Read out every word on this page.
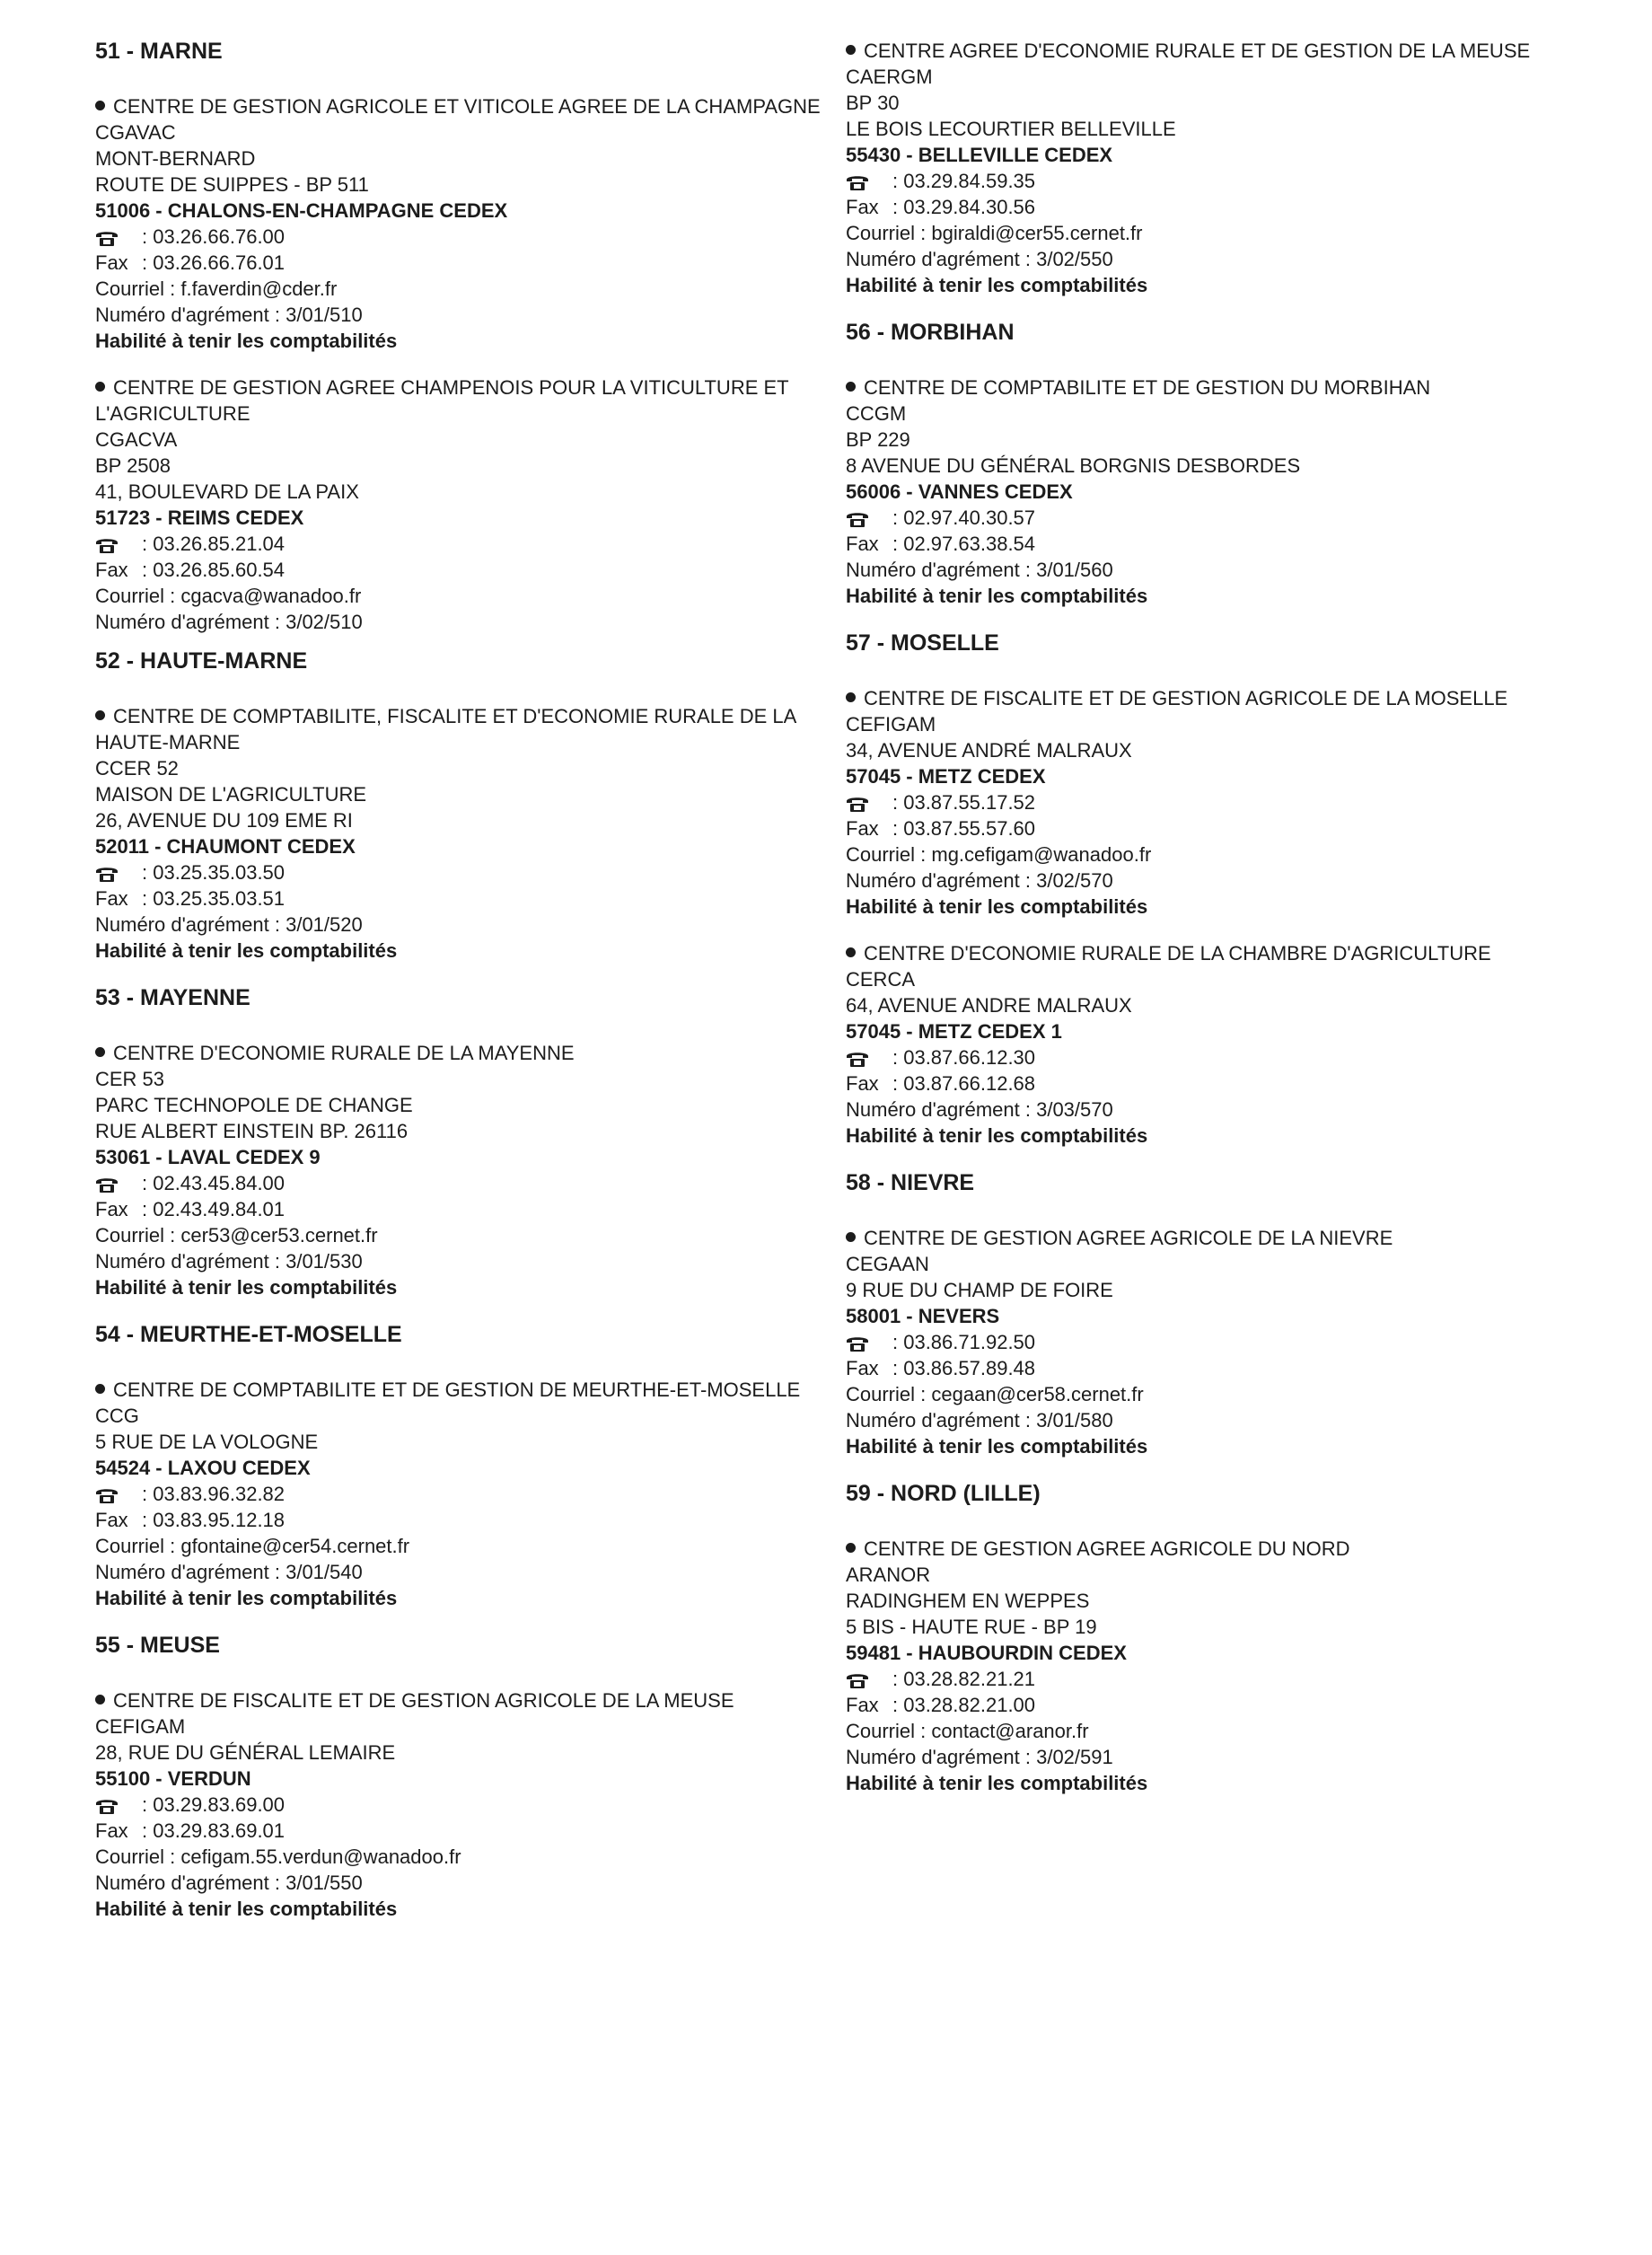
51 - MARNE
CENTRE DE GESTION AGRICOLE ET VITICOLE AGREE DE LA CHAMPAGNE
CGAVAC
MONT-BERNARD
ROUTE DE SUIPPES - BP 511
51006 - CHALONS-EN-CHAMPAGNE CEDEX
: 03.26.66.76.00
Fax : 03.26.66.76.01
Courriel : f.faverdin@cder.fr
Numéro d'agrément : 3/01/510
Habilité à tenir les comptabilités
CENTRE DE GESTION AGREE CHAMPENOIS POUR LA VITICULTURE ET L'AGRICULTURE
CGACVA
BP 2508
41, BOULEVARD DE LA PAIX
51723 - REIMS CEDEX
: 03.26.85.21.04
Fax : 03.26.85.60.54
Courriel : cgacva@wanadoo.fr
Numéro d'agrément : 3/02/510
52 - HAUTE-MARNE
CENTRE DE COMPTABILITE, FISCALITE ET D'ECONOMIE RURALE DE LA HAUTE-MARNE
CCER 52
MAISON DE L'AGRICULTURE
26, AVENUE DU 109 EME RI
52011 - CHAUMONT CEDEX
: 03.25.35.03.50
Fax : 03.25.35.03.51
Numéro d'agrément : 3/01/520
Habilité à tenir les comptabilités
53 - MAYENNE
CENTRE D'ECONOMIE RURALE DE LA MAYENNE
CER 53
PARC TECHNOPOLE DE CHANGE
RUE ALBERT EINSTEIN BP. 26116
53061 - LAVAL CEDEX 9
: 02.43.45.84.00
Fax : 02.43.49.84.01
Courriel : cer53@cer53.cernet.fr
Numéro d'agrément : 3/01/530
Habilité à tenir les comptabilités
54 - MEURTHE-ET-MOSELLE
CENTRE DE COMPTABILITE ET DE GESTION DE MEURTHE-ET-MOSELLE
CCG
5 RUE DE LA VOLOGNE
54524 - LAXOU CEDEX
: 03.83.96.32.82
Fax : 03.83.95.12.18
Courriel : gfontaine@cer54.cernet.fr
Numéro d'agrément : 3/01/540
Habilité à tenir les comptabilités
55 - MEUSE
CENTRE DE FISCALITE ET DE GESTION AGRICOLE DE LA MEUSE
CEFIGAM
28, RUE DU GÉNÉRAL LEMAIRE
55100 - VERDUN
: 03.29.83.69.00
Fax : 03.29.83.69.01
Courriel : cefigam.55.verdun@wanadoo.fr
Numéro d'agrément : 3/01/550
Habilité à tenir les comptabilités
CENTRE AGREE D'ECONOMIE RURALE ET DE GESTION DE LA MEUSE
CAERGM
BP 30
LE BOIS LECOURTIER BELLEVILLE
55430 - BELLEVILLE CEDEX
: 03.29.84.59.35
Fax : 03.29.84.30.56
Courriel : bgiraldi@cer55.cernet.fr
Numéro d'agrément : 3/02/550
Habilité à tenir les comptabilités
56 - MORBIHAN
CENTRE DE COMPTABILITE ET DE GESTION DU MORBIHAN
CCGM
BP 229
8 AVENUE DU GÉNÉRAL BORGNIS DESBORDES
56006 - VANNES CEDEX
: 02.97.40.30.57
Fax : 02.97.63.38.54
Numéro d'agrément : 3/01/560
Habilité à tenir les comptabilités
57 - MOSELLE
CENTRE DE FISCALITE ET DE GESTION AGRICOLE DE LA MOSELLE
CEFIGAM
34, AVENUE ANDRÉ MALRAUX
57045 - METZ CEDEX
: 03.87.55.17.52
Fax : 03.87.55.57.60
Courriel : mg.cefigam@wanadoo.fr
Numéro d'agrément : 3/02/570
Habilité à tenir les comptabilités
CENTRE D'ECONOMIE RURALE DE LA CHAMBRE D'AGRICULTURE
CERCA
64, AVENUE ANDRE MALRAUX
57045 - METZ CEDEX 1
: 03.87.66.12.30
Fax : 03.87.66.12.68
Numéro d'agrément : 3/03/570
Habilité à tenir les comptabilités
58 - NIEVRE
CENTRE DE GESTION AGREE AGRICOLE DE LA NIEVRE
CEGAAN
9 RUE DU CHAMP DE FOIRE
58001 - NEVERS
: 03.86.71.92.50
Fax : 03.86.57.89.48
Courriel : cegaan@cer58.cernet.fr
Numéro d'agrément : 3/01/580
Habilité à tenir les comptabilités
59 - NORD (LILLE)
CENTRE DE GESTION AGREE AGRICOLE DU NORD
ARANOR
RADINGHEM EN WEPPES
5 BIS - HAUTE RUE - BP 19
59481 - HAUBOURDIN CEDEX
: 03.28.82.21.21
Fax : 03.28.82.21.00
Courriel : contact@aranor.fr
Numéro d'agrément : 3/02/591
Habilité à tenir les comptabilités
